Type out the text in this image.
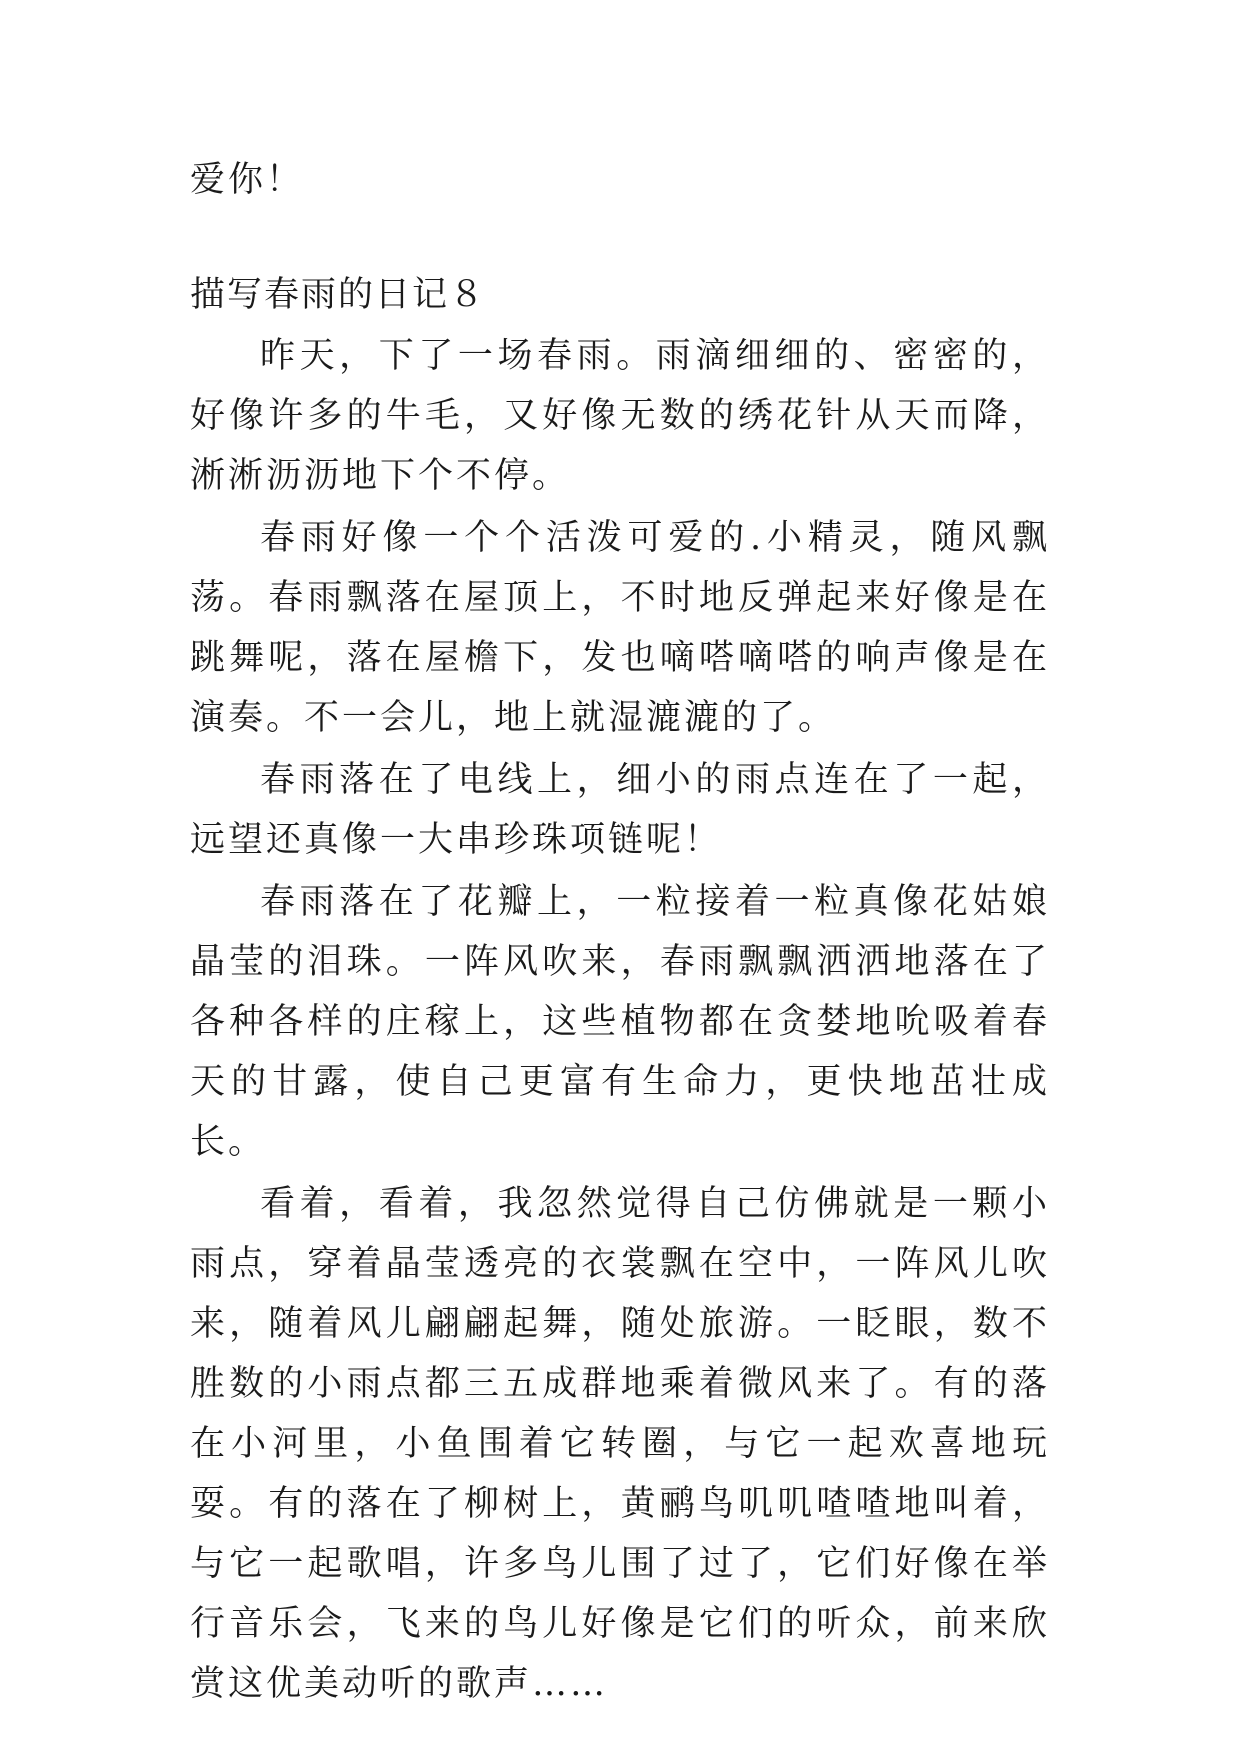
爱你！
描写春雨的日记８

昨天，下了一场春雨。雨滴细细的、密密的，好像许多的牛毛，又好像无数的绣花针从天而降，淅淅沥沥地下个不停。

春雨好像一个个活泼可爱的.小精灵，随风飘荡。春雨飘落在屋顶上，不时地反弹起来好像是在跳舞呢，落在屋檐下，发也嘀嗒嘀嗒的响声像是在演奏。不一会儿，地上就湿漉漉的了。

春雨落在了电线上，细小的雨点连在了一起，远望还真像一大串珍珠项链呢！

春雨落在了花瓣上，一粒接着一粒真像花姑娘晶莹的泪珠。一阵风吹来，春雨飘飘洒洒地落在了各种各样的庄稼上，这些植物都在贪婪地吮吸着春天的甘露，使自己更富有生命力，更快地茁壮成长。

看着，看着，我忽然觉得自己仿佛就是一颗小雨点，穿着晶莹透亮的衣裳飘在空中，一阵风儿吹来，随着风儿翩翩起舞，随处旅游。一眨眼，数不胜数的小雨点都三五成群地乘着微风来了。有的落在小河里，小鱼围着它转圈，与它一起欢喜地玩耍。有的落在了柳树上，黄鹂鸟叽叽喳喳地叫着，与它一起歌唱，许多鸟儿围了过了，它们好像在举行音乐会，飞来的鸟儿好像是它们的听众，前来欣赏这优美动听的歌声……
